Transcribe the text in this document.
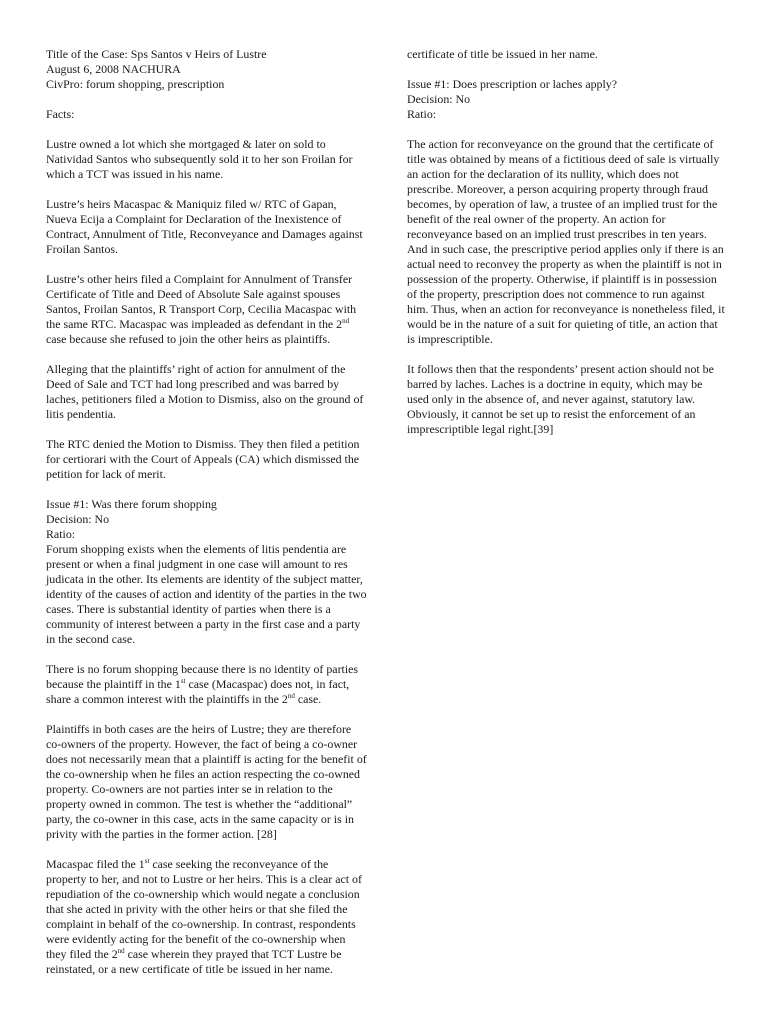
Title of the Case: Sps Santos v Heirs of Lustre

August 6, 2008 NACHURA

CivPro: forum shopping, prescription

Facts:

Lustre owned a lot which she mortgaged & later on sold to Natividad Santos who subsequently sold it to her son Froilan for which a TCT was issued in his name.

Lustre’s heirs Macaspac & Maniquiz filed w/ RTC of Gapan, Nueva Ecija a Complaint for Declaration of the Inexistence of Contract, Annulment of Title, Reconveyance and Damages against Froilan Santos.

Lustre’s other heirs filed a Complaint for Annulment of Transfer Certificate of Title and Deed of Absolute Sale against spouses Santos, Froilan Santos, R Transport Corp, Cecilia Macaspac with the same RTC. Macaspac was impleaded as defendant in the 2nd case because she refused to join the other heirs as plaintiffs.

Alleging that the plaintiffs’ right of action for annulment of the Deed of Sale and TCT had long prescribed and was barred by laches, petitioners filed a Motion to Dismiss, also on the ground of litis pendentia.

The RTC denied the Motion to Dismiss. They then filed a petition for certiorari with the Court of Appeals (CA) which dismissed the petition for lack of merit.

Issue #1: Was there forum shopping

Decision: No

Ratio:

Forum shopping exists when the elements of litis pendentia are present or when a final judgment in one case will amount to res judicata in the other. Its elements are identity of the subject matter, identity of the causes of action and identity of the parties in the two cases. There is substantial identity of parties when there is a community of interest between a party in the first case and a party in the second case.

There is no forum shopping because there is no identity of parties because the plaintiff in the 1st case (Macaspac) does not, in fact, share a common interest with the plaintiffs in the 2nd case.

Plaintiffs in both cases are the heirs of Lustre; they are therefore co-owners of the property. However, the fact of being a co-owner does not necessarily mean that a plaintiff is acting for the benefit of the co-ownership when he files an action respecting the co-owned property. Co-owners are not parties inter se in relation to the property owned in common. The test is whether the “additional” party, the co-owner in this case, acts in the same capacity or is in privity with the parties in the former action. [28]

Macaspac filed the 1st case seeking the reconveyance of the property to her, and not to Lustre or her heirs. This is a clear act of repudiation of the co-ownership which would negate a conclusion that she acted in privity with the other heirs or that she filed the complaint in behalf of the co-ownership. In contrast, respondents were evidently acting for the benefit of the co-ownership when they filed the 2nd case wherein they prayed that TCT Lustre be reinstated, or a new certificate of title be issued in her name.

certificate of title be issued in her name.

Issue #1: Does prescription or laches apply?

Decision: No

Ratio:

The action for reconveyance on the ground that the certificate of title was obtained by means of a fictitious deed of sale is virtually an action for the declaration of its nullity, which does not prescribe. Moreover, a person acquiring property through fraud becomes, by operation of law, a trustee of an implied trust for the benefit of the real owner of the property. An action for reconveyance based on an implied trust prescribes in ten years. And in such case, the prescriptive period applies only if there is an actual need to reconvey the property as when the plaintiff is not in possession of the property. Otherwise, if plaintiff is in possession of the property, prescription does not commence to run against him. Thus, when an action for reconveyance is nonetheless filed, it would be in the nature of a suit for quieting of title, an action that is imprescriptible.

It follows then that the respondents’ present action should not be barred by laches. Laches is a doctrine in equity, which may be used only in the absence of, and never against, statutory law. Obviously, it cannot be set up to resist the enforcement of an imprescriptible legal right.[39]
